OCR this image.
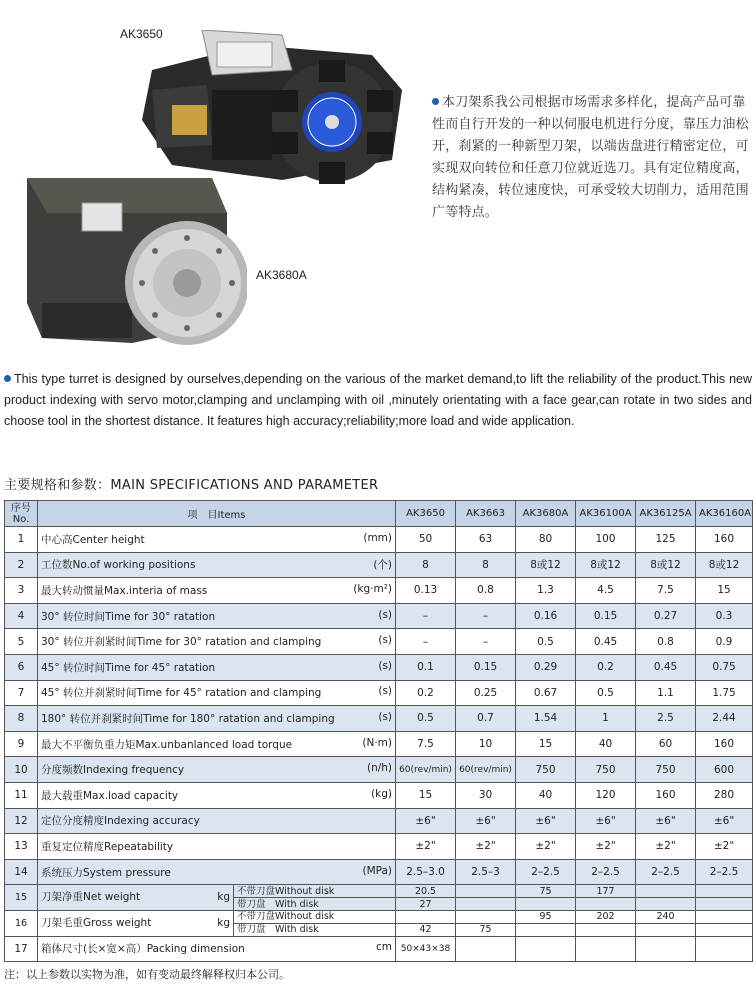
AK3650
AK3680A
本刀架系我公司根据市场需求多样化，提高产品可靠性而自行开发的一种以伺服电机进行分度，靠压力油松开，刹紧的一种新型刀架，以端齿盘进行精密定位，可实现双向转位和任意刀位就近选刀。具有定位精度高，结构紧凑，转位速度快，可承受较大切削力，适用范围广等特点。
This type turret is designed by ourselves,depending on the various of the market demand,to lift the reliability of the product.This new product indexing with servo motor,clamping and unclamping with oil ,minutely orientating with a face gear,can rotate in two sides and choose tool in the shortest distance. It features high accuracy;reliability;more load and wide application.
主要规格和参数：MAIN SPECIFICATIONS AND PARAMETER
序号
No.	项　目Items		AK3650	AK3663	AK3680A	AK36100A	AK36125A	AK36160A
1	中心高Center height (mm)		50	63	80	100	125	160
2	工位数No.of working positions (个)		8	8	8或12	8或12	8或12	8或12
3	最大转动惯量Max.interia of mass (kg·m²)		0.13	0.8	1.3	4.5	7.5	15
4	30° 转位时间Time for 30° ratation (s)		–	–	0.16	0.15	0.27	0.3
5	30° 转位并刹紧时间Time for 30° ratation and clamping (s)		–	–	0.5	0.45	0.8	0.9
6	45° 转位时间Time for 45° ratation (s)		0.1	0.15	0.29	0.2	0.45	0.75
7	45° 转位并刹紧时间Time for 45° ratation and clamping (s)		0.2	0.25	0.67	0.5	1.1	1.75
8	180° 转位并刹紧时间Time for 180° ratation and clamping (s)		0.5	0.7	1.54	1	2.5	2.44
9	最大不平衡负重力矩Max.unbanlanced load torque (N·m)		7.5	10	15	40	60	160
10	分度频数Indexing frequency (n/h)		60(rev/min)	60(rev/min)	750	750	750	600
11	最大载重Max.load capacity (kg)		15	30	40	120	160	280
12	定位分度精度Indexing accuracy		±6"	±6"	±6"	±6"	±6"	±6"
13	重复定位精度Repeatability		±2"	±2"	±2"	±2"	±2"	±2"
14	系统压力System pressure (MPa)		2.5–3.0	2.5–3	2–2.5	2–2.5	2–2.5	2–2.5
15	刀架净重Net weight kg	不带刀盘Without disk	20.5		75	177		
		带刀盘　With disk	27					
16	刀架毛重Gross weight kg	不带刀盘Without disk			95	202	240	
		带刀盘　With disk	42	75				
17	箱体尺寸(长×宽×高）Packing dimension cm		50×43×38					
注：以上参数以实物为准，如有变动最终解释权归本公司。
